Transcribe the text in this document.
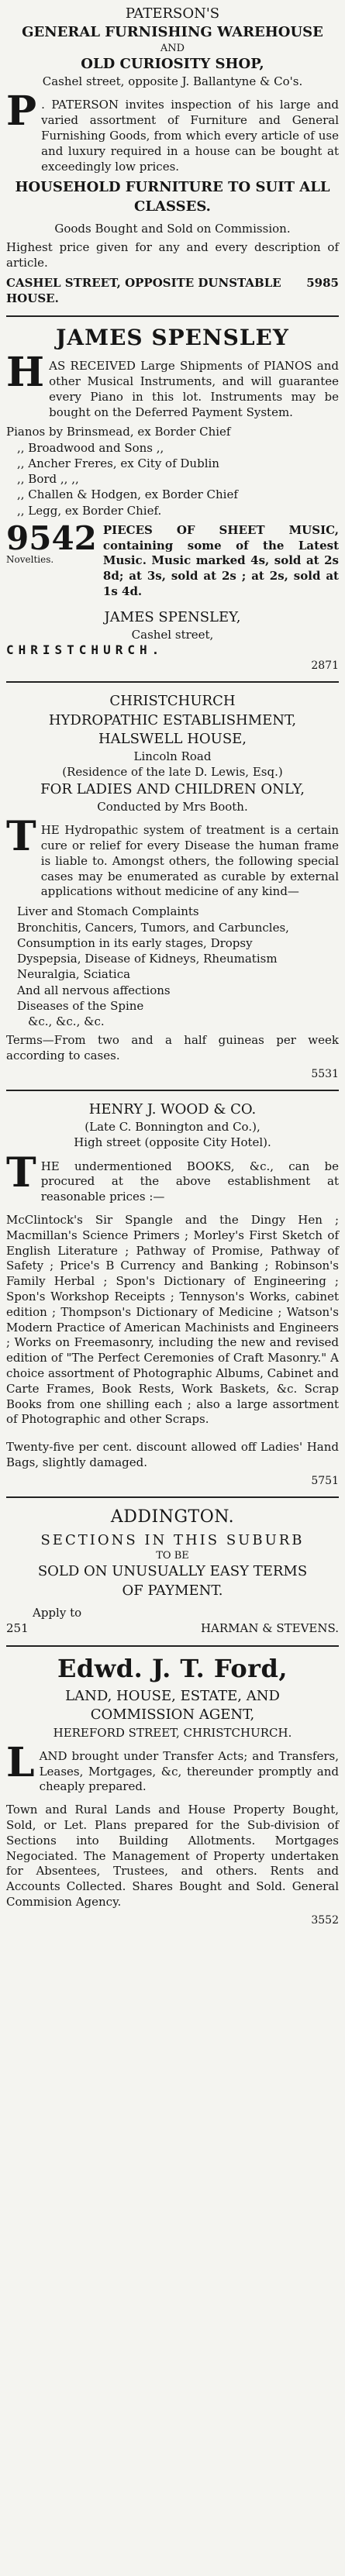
PATERSON'S
GENERAL FURNISHING WAREHOUSE
AND
OLD CURIOSITY SHOP,
Cashel street, opposite J. Ballantyne & Co's.
P . PATERSON invites inspection of his large and varied assortment of Furniture and General Furnishing Goods, from which every article of use and luxury required in a house can be bought at exceedingly low prices.

HOUSEHOLD FURNITURE TO SUIT ALL CLASSES.
Goods Bought and Sold on Commission.

Highest price given for any and every description of article.

CASHEL STREET, OPPOSITE DUNSTABLE HOUSE.
5985
JAMES SPENSLEY
H AS RECEIVED Large Shipments of PIANOS and other Musical Instruments, and will guarantee every Piano in this lot. Instruments may be bought on the Deferred Payment System.

Pianos by Brinsmead, ex Border Chief
,, Broadwood and Sons ,,
,, Ancher Freres, ex City of Dublin
,, Bord ,, ,,
,, Challen & Hodgen, ex Border Chief
,, Legg, ex Border Chief.
9542
Novelties.

PIECES OF SHEET MUSIC, containing some of the Latest Music. Music marked 4s, sold at 2s 8d; at 3s, sold at 2s ; at 2s, sold at 1s 4d.

JAMES SPENSLEY,
Cashel street,
CHRISTCHURCH.
2871
CHRISTCHURCH
HYDROPATHIC ESTABLISHMENT,
HALSWELL HOUSE,
Lincoln Road
(Residence of the late D. Lewis, Esq.)
FOR LADIES AND CHILDREN ONLY,
Conducted by Mrs Booth.
T HE Hydropathic system of treatment is a certain cure or relief for every Disease the human frame is liable to. Amongst others, the following special cases may be enumerated as curable by external applications without medicine of any kind—

Liver and Stomach Complaints
Bronchitis, Cancers, Tumors, and Carbuncles,
Consumption in its early stages, Dropsy
Dyspepsia, Disease of Kidneys, Rheumatism
Neuralgia, Sciatica
And all nervous affections
Diseases of the Spine
&c., &c., &c.

Terms—From two and a half guineas per week according to cases.

5531
HENRY J. WOOD & CO.
(Late C. Bonnington and Co.),
High street (opposite City Hotel).
T HE undermentioned BOOKS, &c., can be procured at the above establishment at reasonable prices :—

McClintock's Sir Spangle and the Dingy Hen ; Macmillan's Science Primers ; Morley's First Sketch of English Literature ; Pathway of Promise, Pathway of Safety ; Price's B Currency and Banking ; Robinson's Family Herbal ; Spon's Dictionary of Engineering ; Spon's Workshop Receipts ; Tennyson's Works, cabinet edition ; Thompson's Dictionary of Medicine ; Watson's Modern Practice of American Machinists and Engineers ; Works on Freemasonry, including the new and revised edition of "The Perfect Ceremonies of Craft Masonry." A choice assortment of Photographic Albums, Cabinet and Carte Frames, Book Rests, Work Baskets, &c. Scrap Books from one shilling each ; also a large assortment of Photographic and other Scraps.

Twenty-five per cent. discount allowed off Ladies' Hand Bags, slightly damaged.

5751
ADDINGTON.
SECTIONS IN THIS SUBURB
TO BE
SOLD ON UNUSUALLY EASY TERMS
OF PAYMENT.
Apply to
251	HARMAN & STEVENS.
Edwd. J. T. Ford,
LAND, HOUSE, ESTATE, AND
COMMISSION AGENT,
HEREFORD STREET, CHRISTCHURCH.
L AND brought under Transfer Acts; and Transfers, Leases, Mortgages, &c, thereunder promptly and cheaply prepared.

Town and Rural Lands and House Property Bought, Sold, or Let. Plans prepared for the Sub-division of Sections into Building Allotments. Mortgages Negociated. The Management of Property undertaken for Absentees, Trustees, and others. Rents and Accounts Collected. Shares Bought and Sold. General Commision Agency.

3552
